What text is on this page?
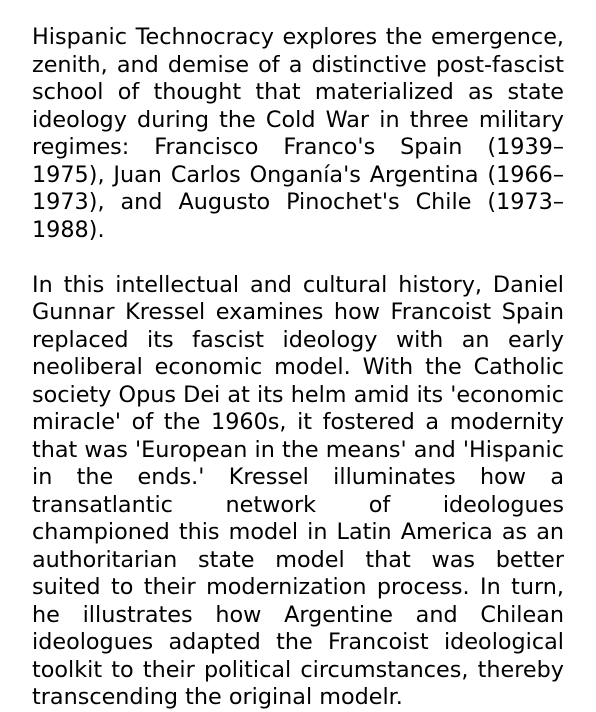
Hispanic Technocracy explores the emergence, zenith, and demise of a distinctive post-fascist school of thought that materialized as state ideology during the Cold War in three military regimes: Francisco Franco's Spain (1939–1975), Juan Carlos Onganía's Argentina (1966–1973), and Augusto Pinochet's Chile (1973–1988).

In this intellectual and cultural history, Daniel Gunnar Kressel examines how Francoist Spain replaced its fascist ideology with an early neoliberal economic model. With the Catholic society Opus Dei at its helm amid its 'economic miracle' of the 1960s, it fostered a modernity that was 'European in the means' and 'Hispanic in the ends.' Kressel illuminates how a transatlantic network of ideologues championed this model in Latin America as an authoritarian state model that was better suited to their modernization process. In turn, he illustrates how Argentine and Chilean ideologues adapted the Francoist ideological toolkit to their political circumstances, thereby transcending the original modelr.
